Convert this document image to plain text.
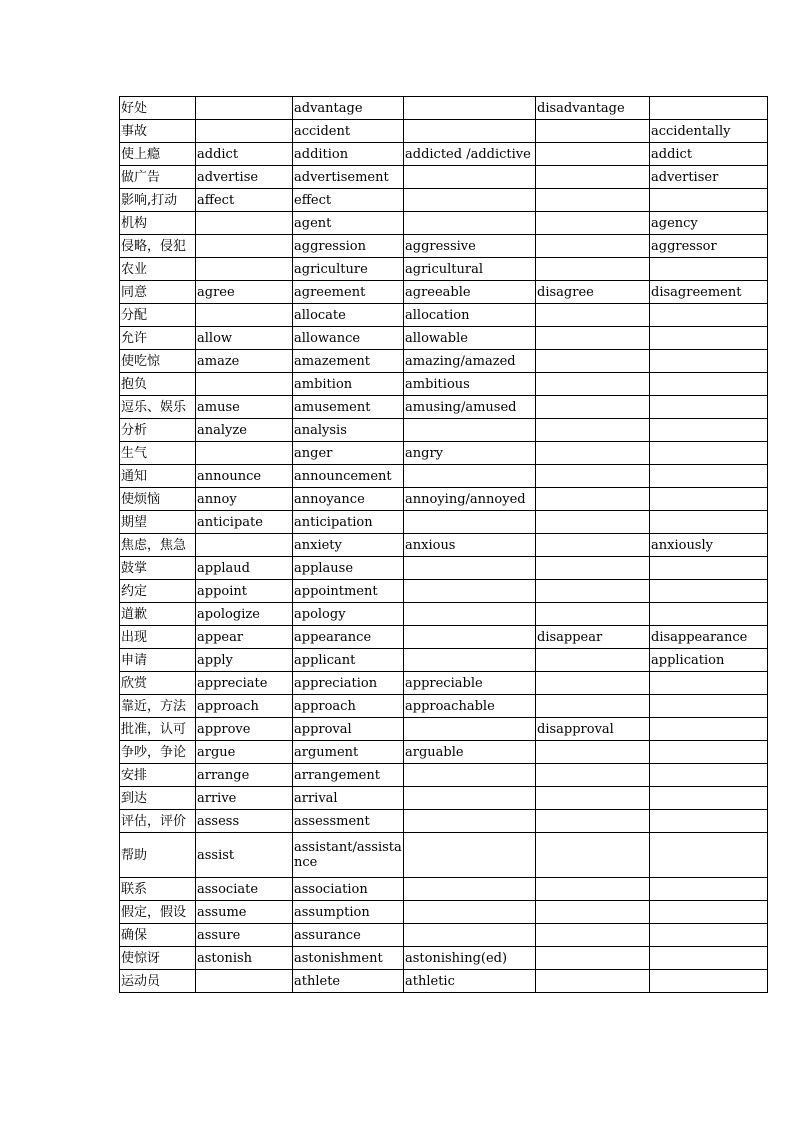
好处		advantage		disadvantage	
事故		accident			accidentally
使上瘾	addict	addition	addicted /addictive		addict
做广告	advertise	advertisement			advertiser
影响,打动	affect	effect			
机构		agent			agency
侵略，侵犯		aggression	aggressive		aggressor
农业		agriculture	agricultural		
同意	agree	agreement	agreeable	disagree	disagreement
分配		allocate	allocation		
允许	allow	allowance	allowable		
使吃惊	amaze	amazement	amazing/amazed		
抱负		ambition	ambitious		
逗乐、娱乐	amuse	amusement	amusing/amused		
分析	analyze	analysis			
生气		anger	angry		
通知	announce	announcement			
使烦恼	annoy	annoyance	annoying/annoyed		
期望	anticipate	anticipation			
焦虑，焦急		anxiety	anxious		anxiously
鼓掌	applaud	applause			
约定	appoint	appointment			
道歉	apologize	apology			
出现	appear	appearance		disappear	disappearance
申请	apply	applicant			application
欣赏	appreciate	appreciation	appreciable		
靠近，方法	approach	approach	approachable		
批准，认可	approve	approval		disapproval	
争吵，争论	argue	argument	arguable		
安排	arrange	arrangement			
到达	arrive	arrival			
评估，评价	assess	assessment			
帮助	assist	assistant/assistance			
联系	associate	association			
假定，假设	assume	assumption			
确保	assure	assurance			
使惊讶	astonish	astonishment	astonishing(ed)		
运动员		athlete	athletic		
